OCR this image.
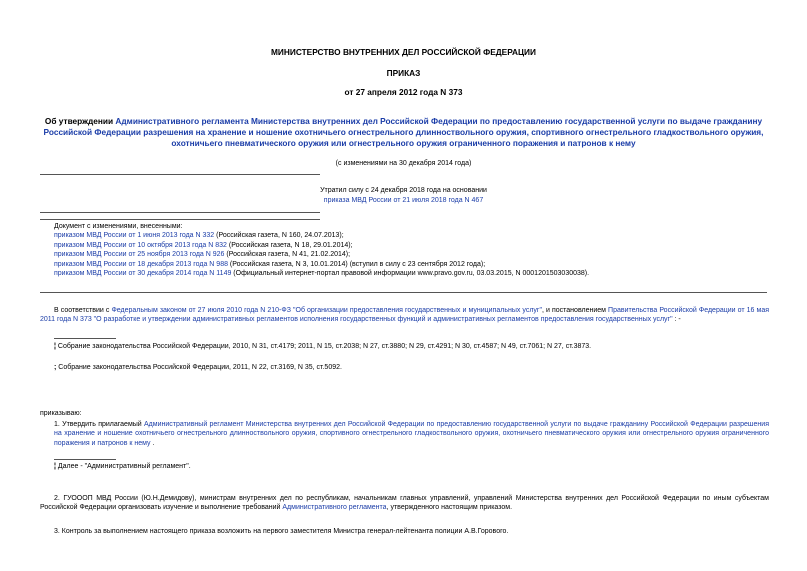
МИНИСТЕРСТВО ВНУТРЕННИХ ДЕЛ РОССИЙСКОЙ ФЕДЕРАЦИИ
ПРИКАЗ
от 27 апреля 2012 года N 373
Об утверждении Административного регламента Министерства внутренних дел Российской Федерации по предоставлению государственной услуги по выдаче гражданину Российской Федерации разрешения на хранение и ношение охотничьего огнестрельного длинноствольного оружия, спортивного огнестрельного гладкоствольного оружия, охотничьего пневматического оружия или огнестрельного оружия ограниченного поражения и патронов к нему
(с изменениями на 30 декабря 2014 года)
Утратил силу с 24 декабря 2018 года на основании
приказа МВД России от 21 июля 2018 года N 467
Документ с изменениями, внесенными:
приказом МВД России от 1 июня 2013 года N 332 (Российская газета, N 160, 24.07.2013);
приказом МВД России от 10 октября 2013 года N 832 (Российская газета, N 18, 29.01.2014);
приказом МВД России от 25 ноября 2013 года N 926 (Российская газета, N 41, 21.02.2014);
приказом МВД России от 18 декабря 2013 года N 988 (Российская газета, N 3, 10.01.2014) (вступил в силу с 23 сентября 2012 года);
приказом МВД России от 30 декабря 2014 года N 1149 (Официальный интернет-портал правовой информации www.pravo.gov.ru, 03.03.2015, N 0001201503030038).
В соответствии с Федеральным законом от 27 июля 2010 года N 210-ФЗ "Об организации предоставления государственных и муниципальных услуг", и постановлением Правительства Российской Федерации от 16 мая 2011 года N 373 "О разработке и утверждении административных регламентов исполнения государственных функций и административных регламентов предоставления государственных услуг" : -
¦ Собрание законодательства Российской Федерации, 2010, N 31, ст.4179; 2011, N 15, ст.2038; N 27, ст.3880; N 29, ст.4291; N 30, ст.4587; N 49, ст.7061; N 27, ст.3873.
; Собрание законодательства Российской Федерации, 2011, N 22, ст.3169, N 35, ст.5092.
приказываю:
1. Утвердить прилагаемый Административный регламент Министерства внутренних дел Российской Федерации по предоставлению государственной услуги по выдаче гражданину Российской Федерации разрешения на хранение и ношение охотничьего огнестрельного длинноствольного оружия, спортивного огнестрельного гладкоствольного оружия, охотничьего пневматического оружия или огнестрельного оружия ограниченного поражения и патронов к нему .
¦ Далее - "Административный регламент".
2. ГУОООП МВД России (Ю.Н.Демидову), министрам внутренних дел по республикам, начальникам главных управлений, управлений Министерства внутренних дел Российской Федерации по иным субъектам Российской Федерации организовать изучение и выполнение требований Административного регламента, утвержденного настоящим приказом.
3. Контроль за выполнением настоящего приказа возложить на первого заместителя Министра генерал-лейтенанта полиции А.В.Горового.
